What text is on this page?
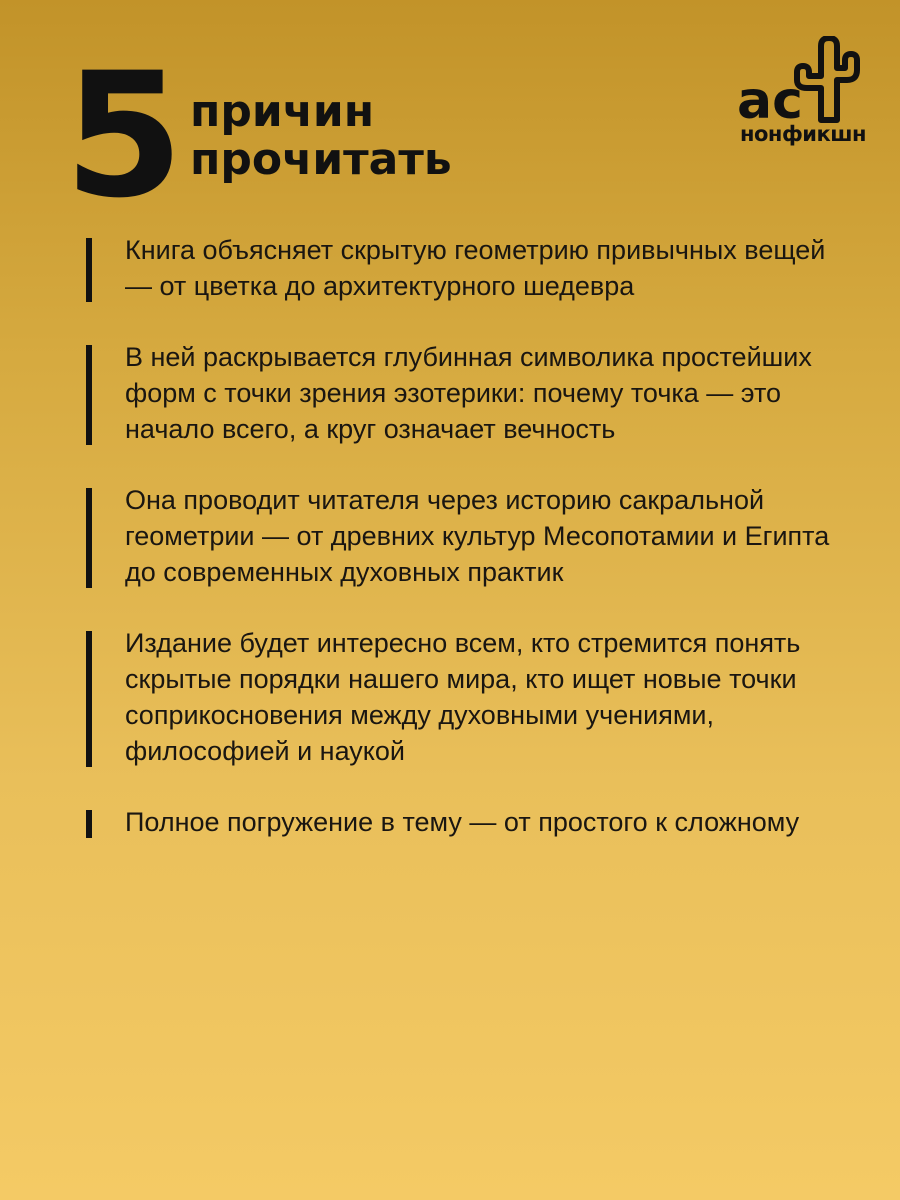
5 причин
прочитать
ac
нонфикшн
Книга объясняет скрытую геометрию привычных вещей — от цветка до архитектурного шедевра
В ней раскрывается глубинная символика простейших форм с точки зрения эзотерики: почему точка — это начало всего, а круг означает вечность
Она проводит читателя через историю сакральной геометрии — от древних культур Месопотамии и Египта до современных духовных практик
Издание будет интересно всем, кто стремится понять скрытые порядки нашего мира, кто ищет новые точки соприкосновения между духовными учениями, философией и наукой
Полное погружение в тему — от простого к сложному
